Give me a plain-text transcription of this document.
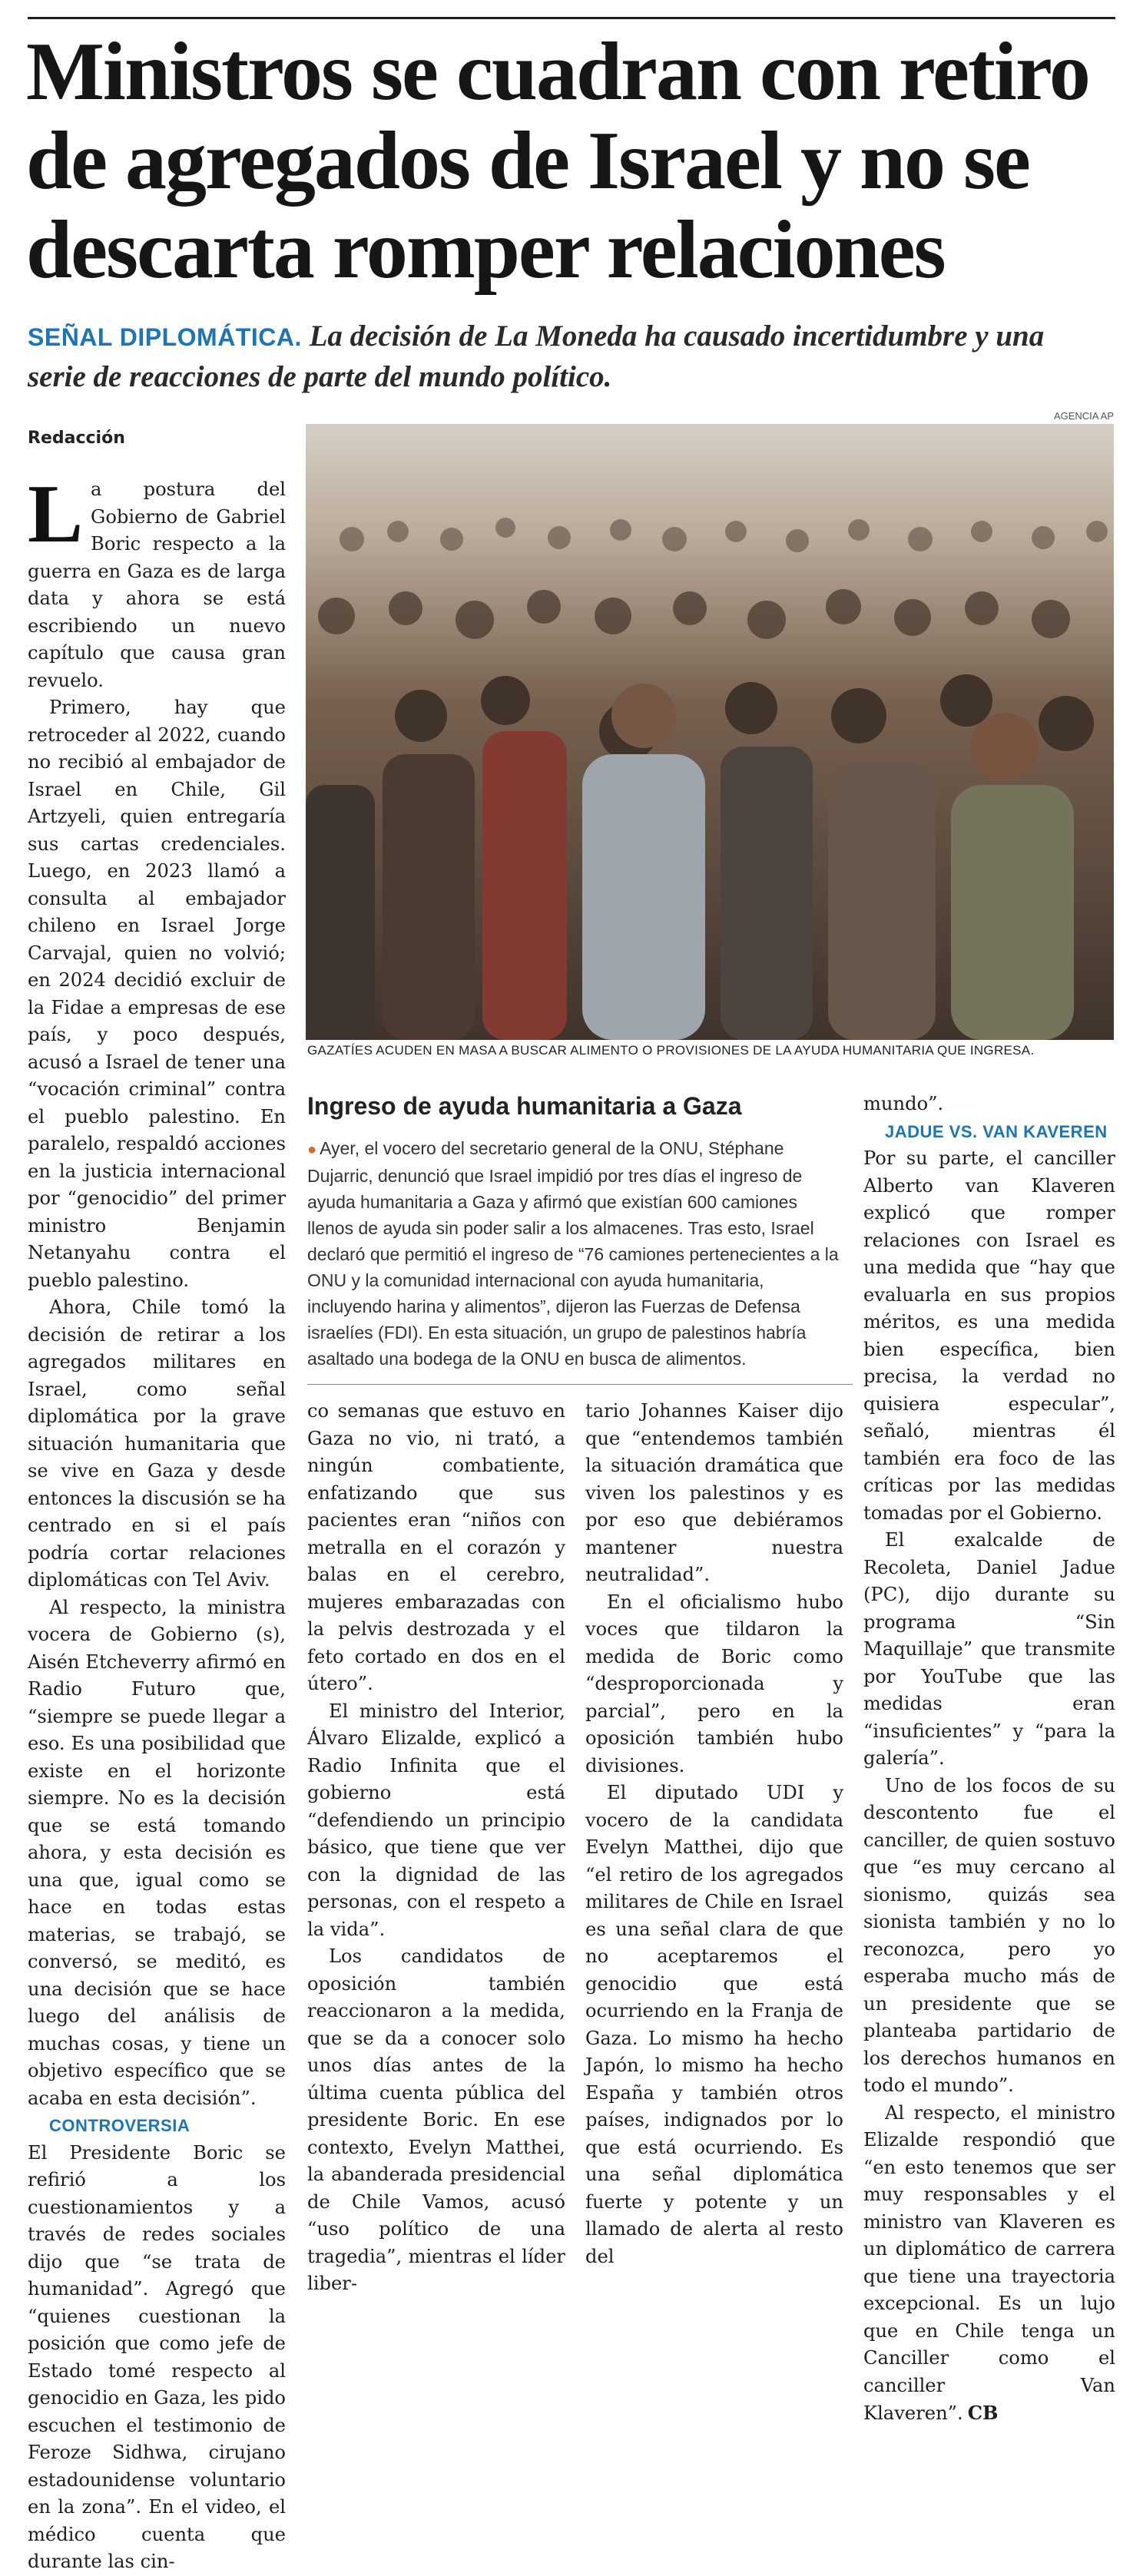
Ministros se cuadran con retiro
de agregados de Israel y no se
descarta romper relaciones
SEÑAL DIPLOMÁTICA. La decisión de La Moneda ha causado incertidumbre y una serie de reacciones de parte del mundo político.
AGENCIA AP
GAZATÍES ACUDEN EN MASA A BUSCAR ALIMENTO O PROVISIONES DE LA AYUDA HUMANITARIA QUE INGRESA.
Redacción

La postura del Gobierno de Gabriel Boric respecto a la guerra en Gaza es de larga data y ahora se está escribiendo un nuevo capítulo que causa gran revuelo.

Primero, hay que retroceder al 2022, cuando no recibió al embajador de Israel en Chile, Gil Artzyeli, quien entregaría sus cartas credenciales. Luego, en 2023 llamó a consulta al embajador chileno en Israel Jorge Carvajal, quien no volvió; en 2024 decidió excluir de la Fidae a empresas de ese país, y poco después, acusó a Israel de tener una “vocación criminal” contra el pueblo palestino. En paralelo, respaldó acciones en la justicia internacional por “genocidio” del primer ministro Benjamin Netanyahu contra el pueblo palestino.

Ahora, Chile tomó la decisión de retirar a los agregados militares en Israel, como señal diplomática por la grave situación humanitaria que se vive en Gaza y desde entonces la discusión se ha centrado en si el país podría cortar relaciones diplomáticas con Tel Aviv.

Al respecto, la ministra vocera de Gobierno (s), Aisén Etcheverry afirmó en Radio Futuro que, “siempre se puede llegar a eso. Es una posibilidad que existe en el horizonte siempre. No es la decisión que se está tomando ahora, y esta decisión es una que, igual como se hace en todas estas materias, se trabajó, se conversó, se meditó, es una decisión que se hace luego del análisis de muchas cosas, y tiene un objetivo específico que se acaba en esta decisión”.

CONTROVERSIA

El Presidente Boric se refirió a los cuestionamientos y a través de redes sociales dijo que “se trata de humanidad”. Agregó que “quienes cuestionan la posición que como jefe de Estado tomé respecto al genocidio en Gaza, les pido escuchen el testimonio de Feroze Sidhwa, cirujano estadounidense voluntario en la zona”. En el video, el médico cuenta que durante las cin-

Ingreso de ayuda humanitaria a Gaza
● Ayer, el vocero del secretario general de la ONU, Stéphane Dujarric, denunció que Israel impidió por tres días el ingreso de ayuda humanitaria a Gaza y afirmó que existían 600 camiones llenos de ayuda sin poder salir a los almacenes. Tras esto, Israel declaró que permitió el ingreso de “76 camiones pertenecientes a la ONU y la comunidad internacional con ayuda humanitaria, incluyendo harina y alimentos”, dijeron las Fuerzas de Defensa israelíes (FDI). En esta situación, un grupo de palestinos habría asaltado una bodega de la ONU en busca de alimentos.

co semanas que estuvo en Gaza no vio, ni trató, a ningún combatiente, enfatizando que sus pacientes eran “niños con metralla en el corazón y balas en el cerebro, mujeres embarazadas con la pelvis destrozada y el feto cortado en dos en el útero”.

El ministro del Interior, Álvaro Elizalde, explicó a Radio Infinita que el gobierno está “defendiendo un principio básico, que tiene que ver con la dignidad de las personas, con el respeto a la vida”.

Los candidatos de oposición también reaccionaron a la medida, que se da a conocer solo unos días antes de la última cuenta pública del presidente Boric. En ese contexto, Evelyn Matthei, la abanderada presidencial de Chile Vamos, acusó “uso político de una tragedia”, mientras el líder liber-

tario Johannes Kaiser dijo que “entendemos también la situación dramática que viven los palestinos y es por eso que debiéramos mantener nuestra neutralidad”.

En el oficialismo hubo voces que tildaron la medida de Boric como “desproporcionada y parcial”, pero en la oposición también hubo divisiones.

El diputado UDI y vocero de la candidata Evelyn Matthei, dijo que “el retiro de los agregados militares de Chile en Israel es una señal clara de que no aceptaremos el genocidio que está ocurriendo en la Franja de Gaza. Lo mismo ha hecho Japón, lo mismo ha hecho España y también otros países, indignados por lo que está ocurriendo. Es una señal diplomática fuerte y potente y un llamado de alerta al resto del

mundo”.

JADUE VS. VAN KAVEREN

Por su parte, el canciller Alberto van Klaveren explicó que romper relaciones con Israel es una medida que “hay que evaluarla en sus propios méritos, es una medida bien específica, bien precisa, la verdad no quisiera especular”, señaló, mientras él también era foco de las críticas por las medidas tomadas por el Gobierno.

El exalcalde de Recoleta, Daniel Jadue (PC), dijo durante su programa “Sin Maquillaje” que transmite por YouTube que las medidas eran “insuficientes” y “para la galería”.

Uno de los focos de su descontento fue el canciller, de quien sostuvo que “es muy cercano al sionismo, quizás sea sionista también y no lo reconozca, pero yo esperaba mucho más de un presidente que se planteaba partidario de los derechos humanos en todo el mundo”.

Al respecto, el ministro Elizalde respondió que “en esto tenemos que ser muy responsables y el ministro van Klaveren es un diplomático de carrera que tiene una trayectoria excepcional. Es un lujo que en Chile tenga un Canciller como el canciller Van Klaveren”. CB
